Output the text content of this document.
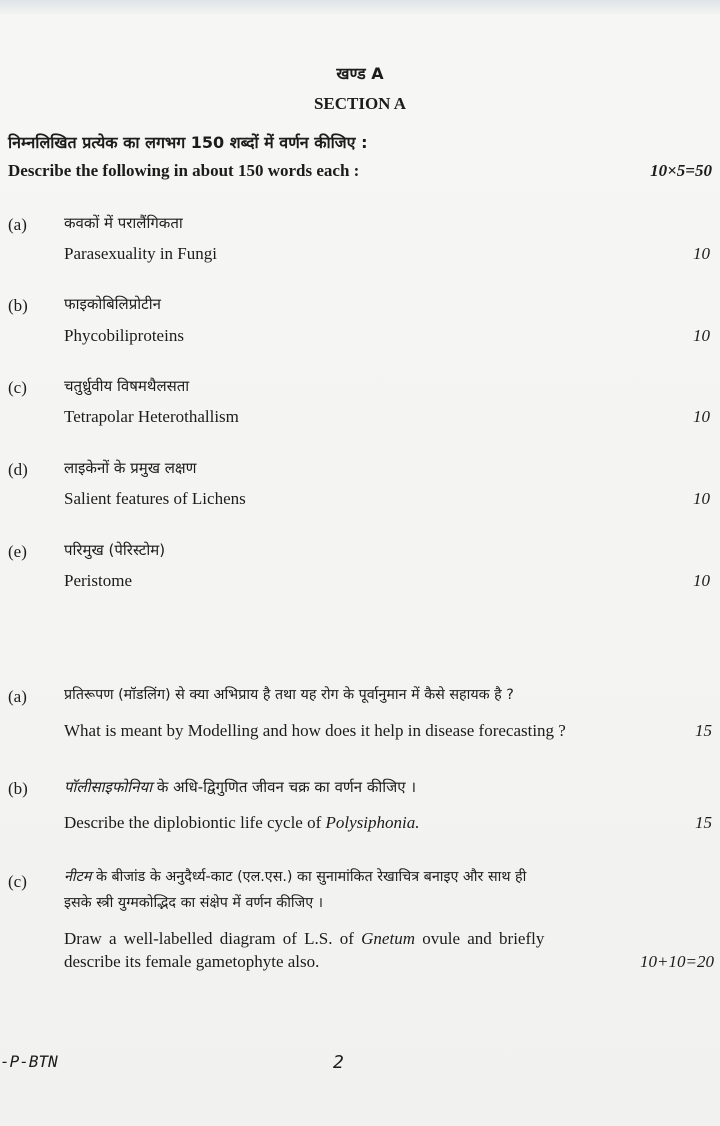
खण्ड A
SECTION A
निम्नलिखित प्रत्येक का लगभग 150 शब्दों में वर्णन कीजिए :
Describe the following in about 150 words each :	10×5=50
(a) कवकों में परालैंगिकता
Parasexuality in Fungi	10
(b) फाइकोबिलिप्रोटीन
Phycobiliproteins	10
(c) चतुर्ध्रुवीय विषमथैलसता
Tetrapolar Heterothallism	10
(d) लाइकेनों के प्रमुख लक्षण
Salient features of Lichens	10
(e) परिमुख (पेरिस्टोम)
Peristome	10
(a)	प्रतिरूपण (मॉडलिंग) से क्या अभिप्राय है तथा यह रोग के पूर्वानुमान में कैसे सहायक है ?
What is meant by Modelling and how does it help in disease forecasting ?	15
(b) पॉलीसाइफोनिया के अधि-द्विगुणित जीवन चक्र का वर्णन कीजिए ।
Describe the diplobiontic life cycle of Polysiphonia.	15
(c)	नीटम के बीजांड के अनुदैर्ध्य-काट (एल.एस.) का सुनामांकित रेखाचित्र बनाइए और साथ ही
इसके स्त्री युग्मकोद्भिद का संक्षेप में वर्णन कीजिए ।
Draw a well-labelled diagram of L.S. of Gnetum ovule and briefly
describe its female gametophyte also.	10+10=20
-P-BTN	2
